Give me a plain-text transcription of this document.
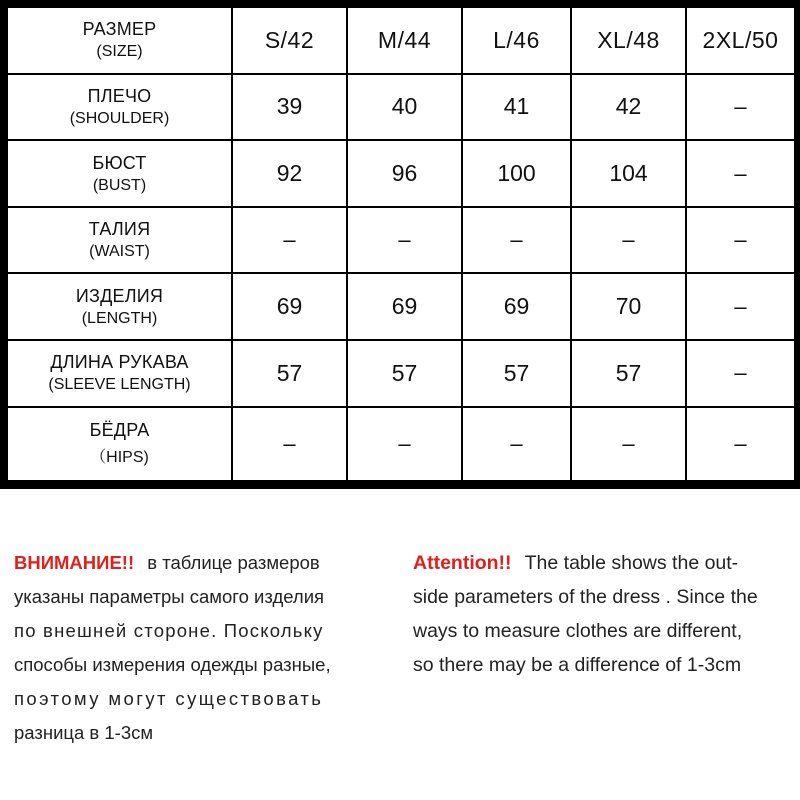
РАЗМЕР
(SIZE)	S/42	M/44	L/46	XL/48	2XL/50

ПЛЕЧО
(SHOULDER)	39	40	41	42	–

БЮСТ
(BUST)	92	96	100	104	–

ТАЛИЯ
(WAIST)	–	–	–	–	–

ИЗДЕЛИЯ
(LENGTH)	69	69	69	70	–

ДЛИНА РУКАВА
(SLEEVE LENGTH)	57	57	57	57	–

БЁДРА
（HIPS)	–	–	–	–	–
ВНИМАНИЕ!! в таблице размеров
указаны параметры самого изделия
по внешней стороне. Поскольку
способы измерения одежды разные,
поэтому могут существовать
разница в 1-3см
Attention!! The table shows the out-
side parameters of the dress . Since the
ways to measure clothes are different,
so there may be a difference of 1-3cm
